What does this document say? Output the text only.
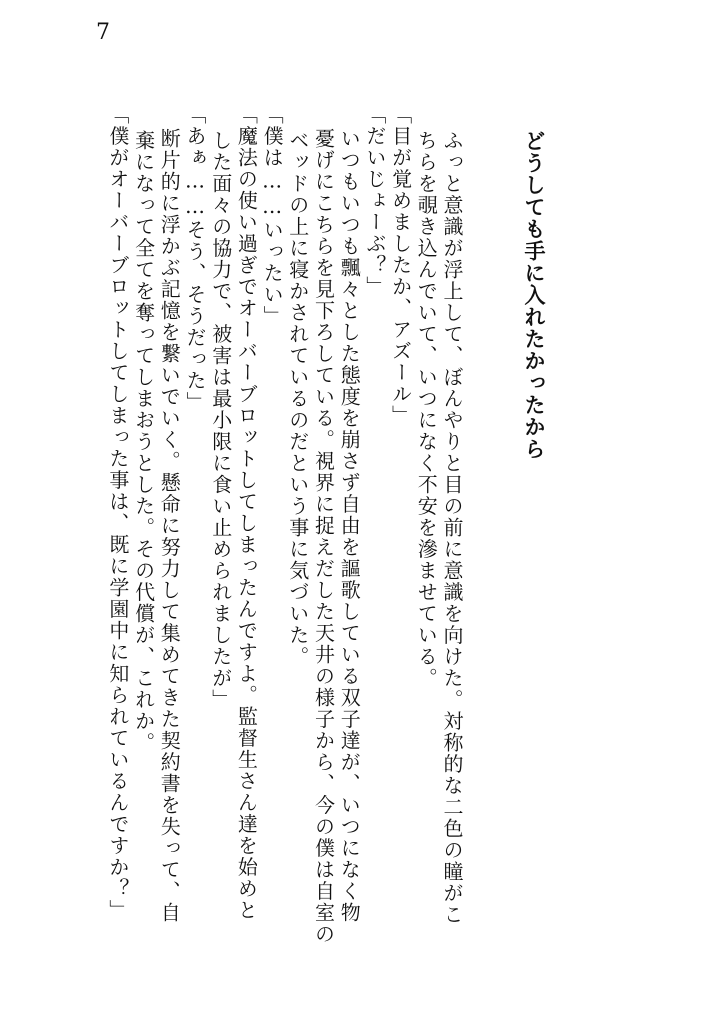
7
どうしても手に入れたかったから
ふっと意識が浮上して、ぼんやりと目の前に意識を向けた。対称的な二色の瞳がこ
ちらを覗き込んでいて、いつになく不安を滲ませている。
「目が覚めましたか、アズール」
「だいじょーぶ？」
いつもいつも飄々とした態度を崩さず自由を謳歌している双子達が、いつになく物
憂げにこちらを見下ろしている。視界に捉えだした天井の様子から、今の僕は自室の
ベッドの上に寝かされているのだという事に気づいた。
「僕は……いったい」
「魔法の使い過ぎでオーバーブロットしてしまったんですよ。監督生さん達を始めと
した面々の協力で、被害は最小限に食い止められましたが」
「あぁ……そう、そうだった」
断片的に浮かぶ記憶を繋いでいく。懸命に努力して集めてきた契約書を失って、自
棄になって全てを奪ってしまおうとした。その代償が、これか。
「僕がオーバーブロットしてしまった事は、既に学園中に知られているんですか？」
